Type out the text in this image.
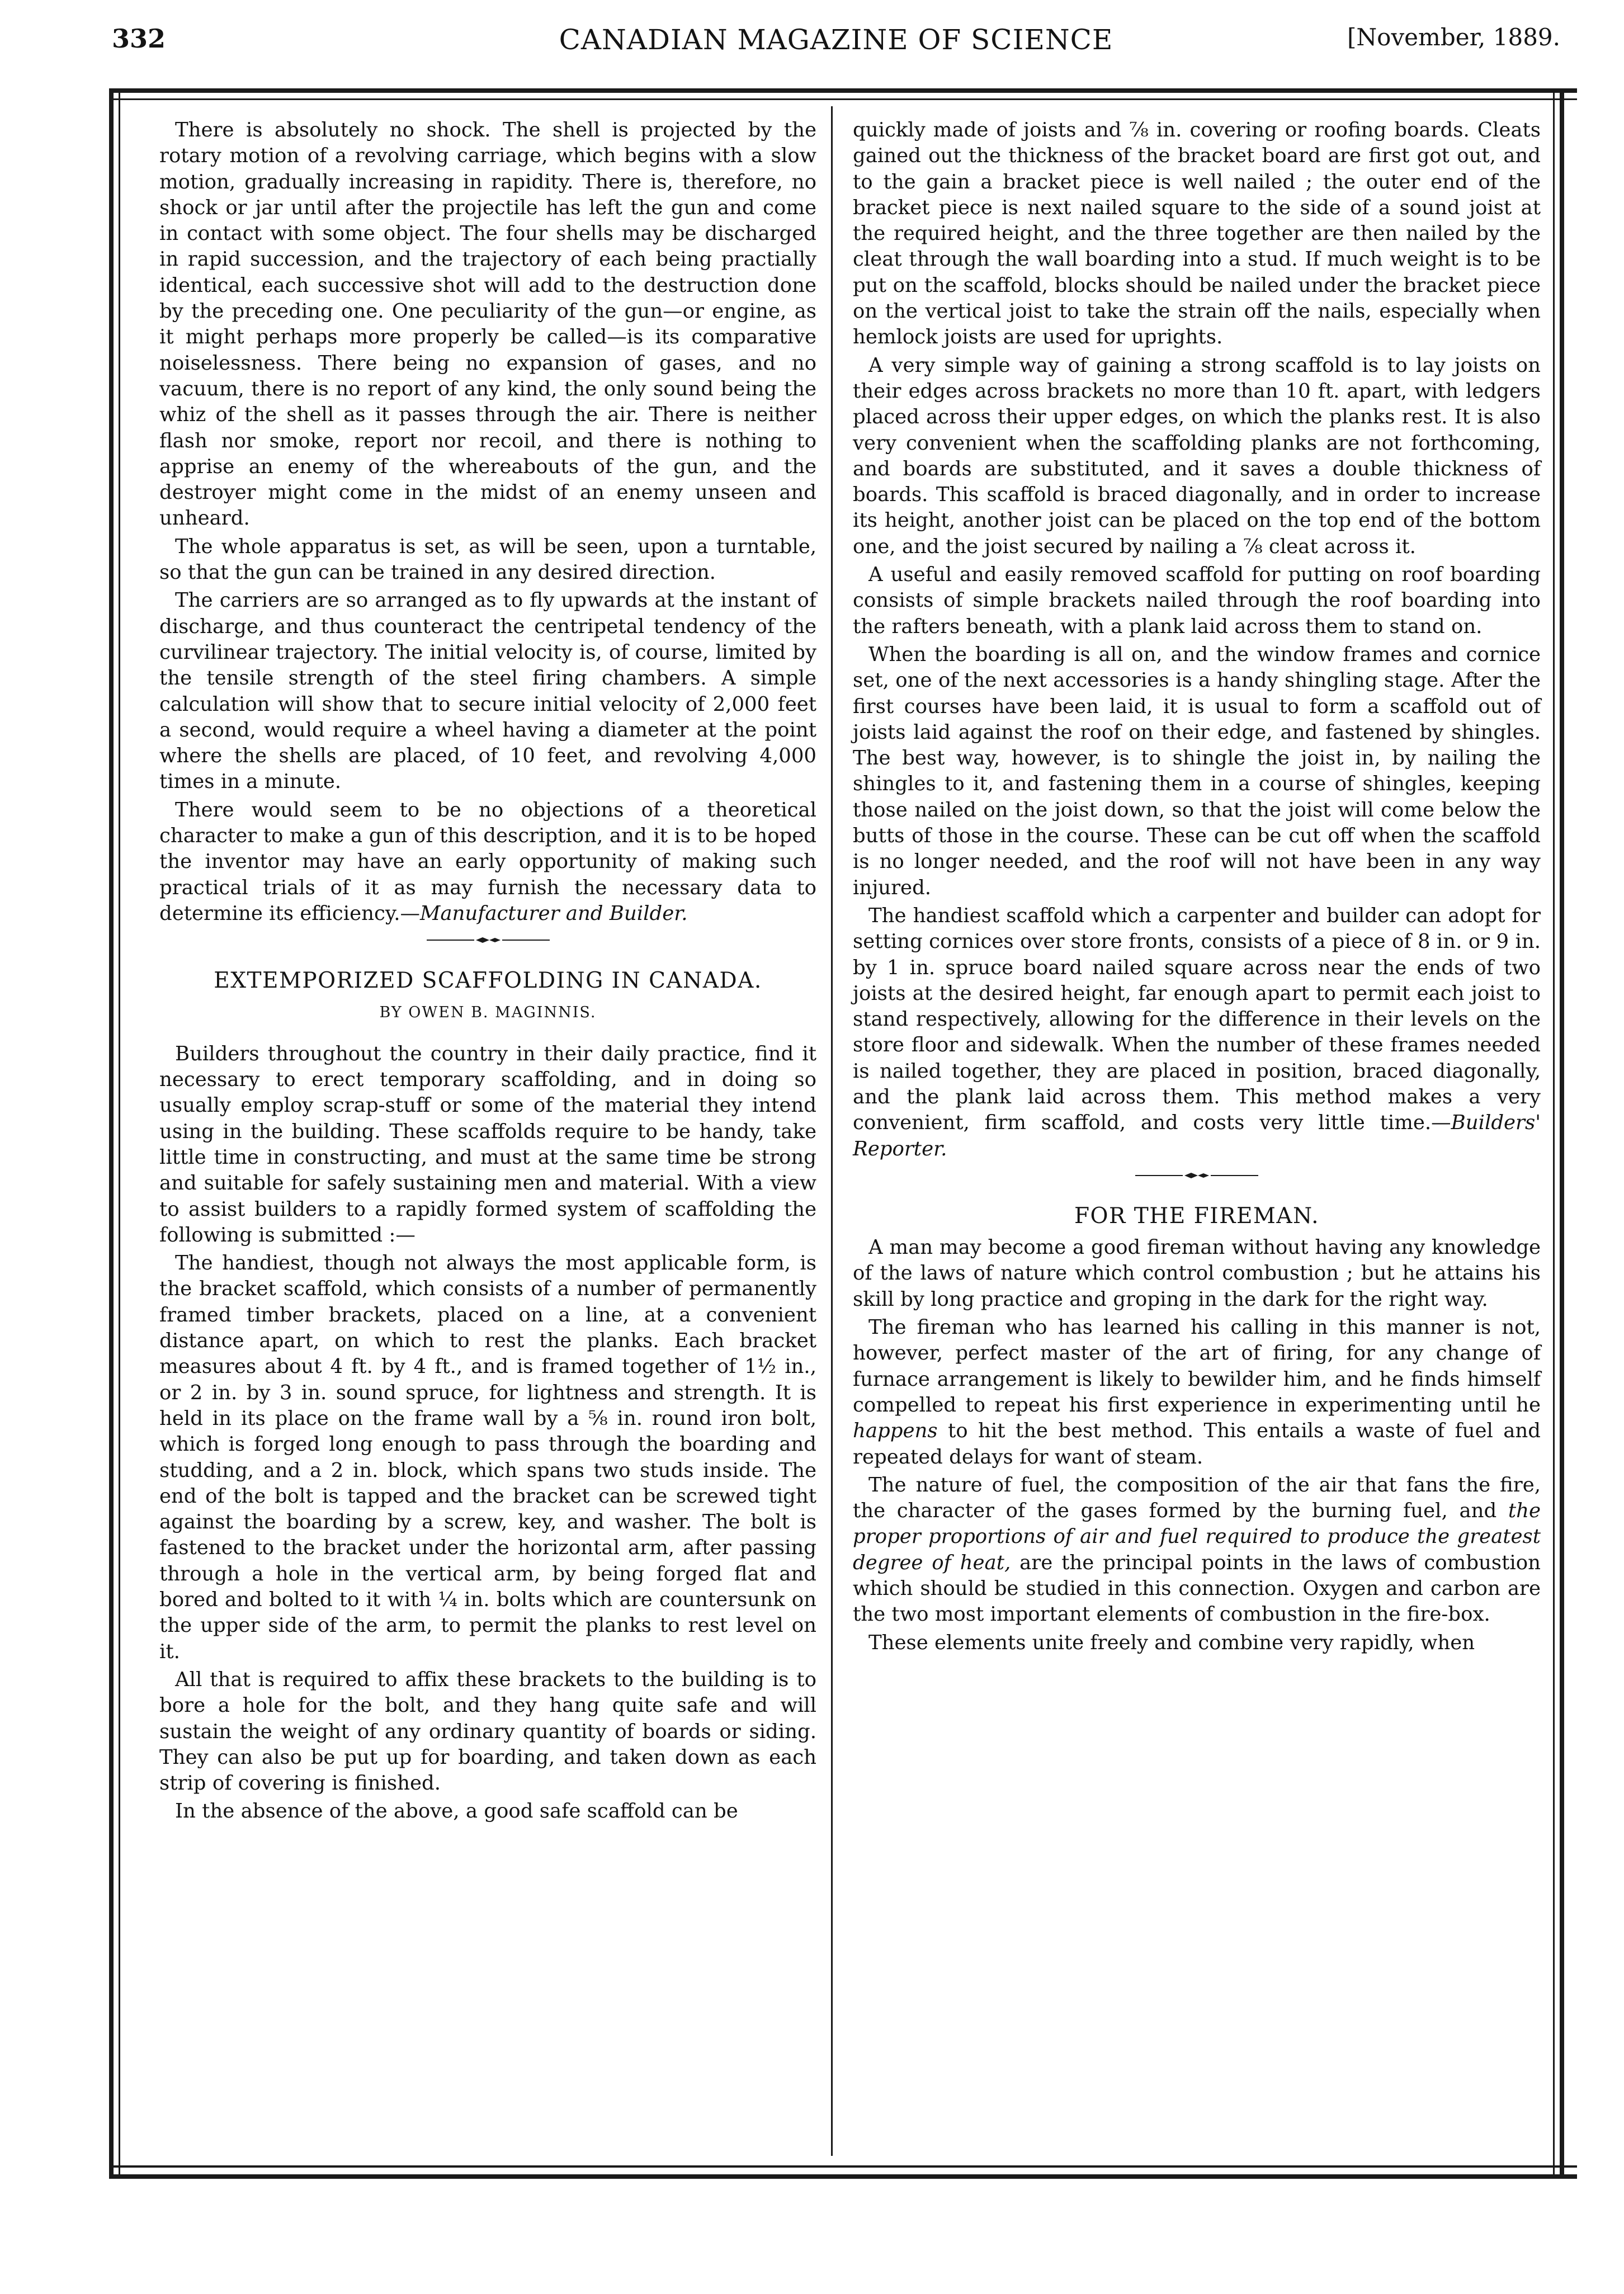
332	CANADIAN MAGAZINE OF SCIENCE	[November, 1889.

There is absolutely no shock. The shell is projected by the rotary motion of a revolving carriage, which begins with a slow motion, gradually increasing in rapidity. There is, therefore, no shock or jar until after the projectile has left the gun and come in contact with some object. The four shells may be discharged in rapid succession, and the trajectory of each being practially identical, each successive shot will add to the destruction done by the preceding one. One peculiarity of the gun—or engine, as it might perhaps more properly be called—is its comparative noiselessness. There being no expansion of gases, and no vacuum, there is no report of any kind, the only sound being the whiz of the shell as it passes through the air. There is neither flash nor smoke, report nor recoil, and there is nothing to apprise an enemy of the whereabouts of the gun, and the destroyer might come in the midst of an enemy unseen and unheard.

The whole apparatus is set, as will be seen, upon a turntable, so that the gun can be trained in any desired direction.

The carriers are so arranged as to fly upwards at the instant of discharge, and thus counteract the centripetal tendency of the curvilinear trajectory. The initial velocity is, of course, limited by the tensile strength of the steel firing chambers. A simple calculation will show that to secure initial velocity of 2,000 feet a second, would require a wheel having a diameter at the point where the shells are placed, of 10 feet, and revolving 4,000 times in a minute.

There would seem to be no objections of a theoretical character to make a gun of this description, and it is to be hoped the inventor may have an early opportunity of making such practical trials of it as may furnish the necessary data to determine its efficiency.—Manufacturer and Builder.

EXTEMPORIZED SCAFFOLDING IN CANADA.
BY OWEN B. MAGINNIS.

Builders throughout the country in their daily practice, find it necessary to erect temporary scaffolding, and in doing so usually employ scrap-stuff or some of the material they intend using in the building. These scaffolds require to be handy, take little time in constructing, and must at the same time be strong and suitable for safely sustaining men and material. With a view to assist builders to a rapidly formed system of scaffolding the following is submitted :—

The handiest, though not always the most applicable form, is the bracket scaffold, which consists of a number of permanently framed timber brackets, placed on a line, at a convenient distance apart, on which to rest the planks. Each bracket measures about 4 ft. by 4 ft., and is framed together of 1½ in., or 2 in. by 3 in. sound spruce, for lightness and strength. It is held in its place on the frame wall by a ⅝ in. round iron bolt, which is forged long enough to pass through the boarding and studding, and a 2 in. block, which spans two studs inside. The end of the bolt is tapped and the bracket can be screwed tight against the boarding by a screw, key, and washer. The bolt is fastened to the bracket under the horizontal arm, after passing through a hole in the vertical arm, by being forged flat and bored and bolted to it with ¼ in. bolts which are countersunk on the upper side of the arm, to permit the planks to rest level on it.

All that is required to affix these brackets to the building is to bore a hole for the bolt, and they hang quite safe and will sustain the weight of any ordinary quantity of boards or siding. They can also be put up for boarding, and taken down as each strip of covering is finished.

In the absence of the above, a good safe scaffold can be

quickly made of joists and ⅞ in. covering or roofing boards. Cleats gained out the thickness of the bracket board are first got out, and to the gain a bracket piece is well nailed ; the outer end of the bracket piece is next nailed square to the side of a sound joist at the required height, and the three together are then nailed by the cleat through the wall boarding into a stud. If much weight is to be put on the scaffold, blocks should be nailed under the bracket piece on the vertical joist to take the strain off the nails, especially when hemlock joists are used for uprights.

A very simple way of gaining a strong scaffold is to lay joists on their edges across brackets no more than 10 ft. apart, with ledgers placed across their upper edges, on which the planks rest. It is also very convenient when the scaffolding planks are not forthcoming, and boards are substituted, and it saves a double thickness of boards. This scaffold is braced diagonally, and in order to increase its height, another joist can be placed on the top end of the bottom one, and the joist secured by nailing a ⅞ cleat across it.

A useful and easily removed scaffold for putting on roof boarding consists of simple brackets nailed through the roof boarding into the rafters beneath, with a plank laid across them to stand on.

When the boarding is all on, and the window frames and cornice set, one of the next accessories is a handy shingling stage. After the first courses have been laid, it is usual to form a scaffold out of joists laid against the roof on their edge, and fastened by shingles. The best way, however, is to shingle the joist in, by nailing the shingles to it, and fastening them in a course of shingles, keeping those nailed on the joist down, so that the joist will come below the butts of those in the course. These can be cut off when the scaffold is no longer needed, and the roof will not have been in any way injured.

The handiest scaffold which a carpenter and builder can adopt for setting cornices over store fronts, consists of a piece of 8 in. or 9 in. by 1 in. spruce board nailed square across near the ends of two joists at the desired height, far enough apart to permit each joist to stand respectively, allowing for the difference in their levels on the store floor and sidewalk. When the number of these frames needed is nailed together, they are placed in position, braced diagonally, and the plank laid across them. This method makes a very convenient, firm scaffold, and costs very little time.—Builders' Reporter.

FOR THE FIREMAN.

A man may become a good fireman without having any knowledge of the laws of nature which control combustion ; but he attains his skill by long practice and groping in the dark for the right way.

The fireman who has learned his calling in this manner is not, however, perfect master of the art of firing, for any change of furnace arrangement is likely to bewilder him, and he finds himself compelled to repeat his first experience in experimenting until he happens to hit the best method. This entails a waste of fuel and repeated delays for want of steam.

The nature of fuel, the composition of the air that fans the fire, the character of the gases formed by the burning fuel, and the proper proportions of air and fuel required to produce the greatest degree of heat, are the principal points in the laws of combustion which should be studied in this connection. Oxygen and carbon are the two most important elements of combustion in the fire-box.

These elements unite freely and combine very rapidly, when
